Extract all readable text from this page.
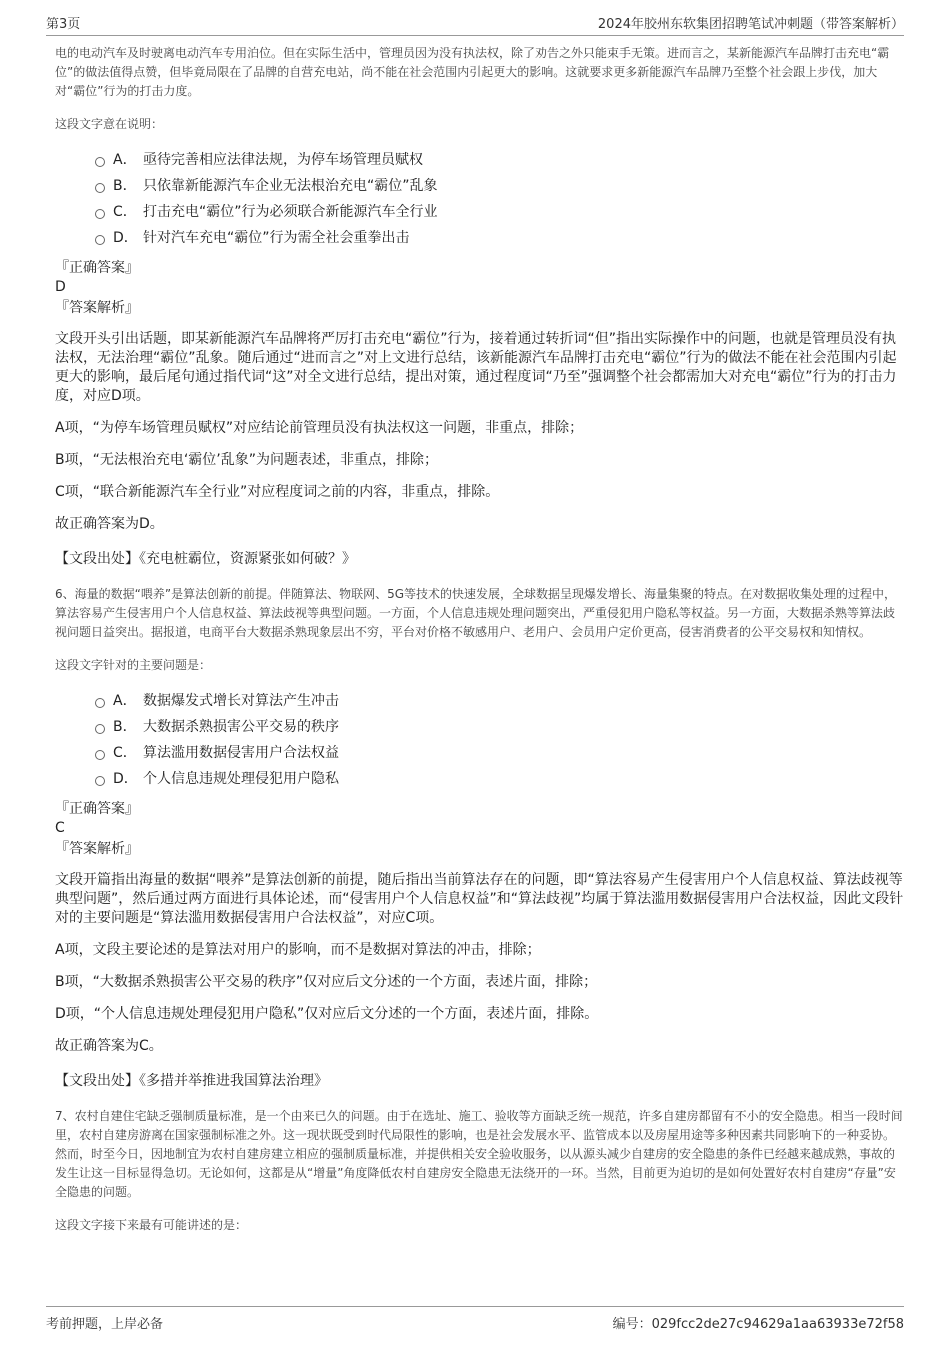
第3页	2024年胶州东软集团招聘笔试冲刺题（带答案解析）

电的电动汽车及时驶离电动汽车专用泊位。但在实际生活中，管理员因为没有执法权，除了劝告之外只能束手无策。进而言之，某新能源汽车品牌打击充电“霸位”的做法值得点赞，但毕竟局限在了品牌的自营充电站，尚不能在社会范围内引起更大的影响。这就要求更多新能源汽车品牌乃至整个社会跟上步伐，加大对“霸位”行为的打击力度。

这段文字意在说明：

A． 亟待完善相应法律法规，为停车场管理员赋权
B． 只依靠新能源汽车企业无法根治充电“霸位”乱象
C． 打击充电“霸位”行为必须联合新能源汽车全行业
D． 针对汽车充电“霸位”行为需全社会重拳出击

『正确答案』

D

『答案解析』

文段开头引出话题，即某新能源汽车品牌将严厉打击充电“霸位”行为，接着通过转折词“但”指出实际操作中的问题，也就是管理员没有执法权，无法治理“霸位”乱象。随后通过“进而言之”对上文进行总结，该新能源汽车品牌打击充电“霸位”行为的做法不能在社会范围内引起更大的影响，最后尾句通过指代词“这”对全文进行总结，提出对策，通过程度词“乃至”强调整个社会都需加大对充电“霸位”行为的打击力度，对应D项。

A项，“为停车场管理员赋权”对应结论前管理员没有执法权这一问题，非重点，排除；

B项，“无法根治充电‘霸位’乱象”为问题表述，非重点，排除；

C项，“联合新能源汽车全行业”对应程度词之前的内容，非重点，排除。

故正确答案为D。

【文段出处】《充电桩霸位，资源紧张如何破？》

6、海量的数据“喂养”是算法创新的前提。伴随算法、物联网、5G等技术的快速发展，全球数据呈现爆发增长、海量集聚的特点。在对数据收集处理的过程中，算法容易产生侵害用户个人信息权益、算法歧视等典型问题。一方面，个人信息违规处理问题突出，严重侵犯用户隐私等权益。另一方面，大数据杀熟等算法歧视问题日益突出。据报道，电商平台大数据杀熟现象层出不穷，平台对价格不敏感用户、老用户、会员用户定价更高，侵害消费者的公平交易权和知情权。

这段文字针对的主要问题是：

A． 数据爆发式增长对算法产生冲击
B． 大数据杀熟损害公平交易的秩序
C． 算法滥用数据侵害用户合法权益
D． 个人信息违规处理侵犯用户隐私

『正确答案』

C

『答案解析』

文段开篇指出海量的数据“喂养”是算法创新的前提，随后指出当前算法存在的问题，即“算法容易产生侵害用户个人信息权益、算法歧视等典型问题”，然后通过两方面进行具体论述，而“侵害用户个人信息权益”和“算法歧视”均属于算法滥用数据侵害用户合法权益，因此文段针对的主要问题是“算法滥用数据侵害用户合法权益”，对应C项。

A项，文段主要论述的是算法对用户的影响，而不是数据对算法的冲击，排除；

B项，“大数据杀熟损害公平交易的秩序”仅对应后文分述的一个方面，表述片面，排除；

D项，“个人信息违规处理侵犯用户隐私”仅对应后文分述的一个方面，表述片面，排除。

故正确答案为C。

【文段出处】《多措并举推进我国算法治理》

7、农村自建住宅缺乏强制质量标准，是一个由来已久的问题。由于在选址、施工、验收等方面缺乏统一规范，许多自建房都留有不小的安全隐患。相当一段时间里，农村自建房游离在国家强制标准之外。这一现状既受到时代局限性的影响，也是社会发展水平、监管成本以及房屋用途等多种因素共同影响下的一种妥协。然而，时至今日，因地制宜为农村自建房建立相应的强制质量标准，并提供相关安全验收服务，以从源头减少自建房的安全隐患的条件已经越来越成熟，事故的发生让这一目标显得急切。无论如何，这都是从“增量”角度降低农村自建房安全隐患无法绕开的一环。当然，目前更为迫切的是如何处置好农村自建房“存量”安全隐患的问题。

这段文字接下来最有可能讲述的是：

考前押题，上岸必备	编号：029fcc2de27c94629a1aa63933e72f58
